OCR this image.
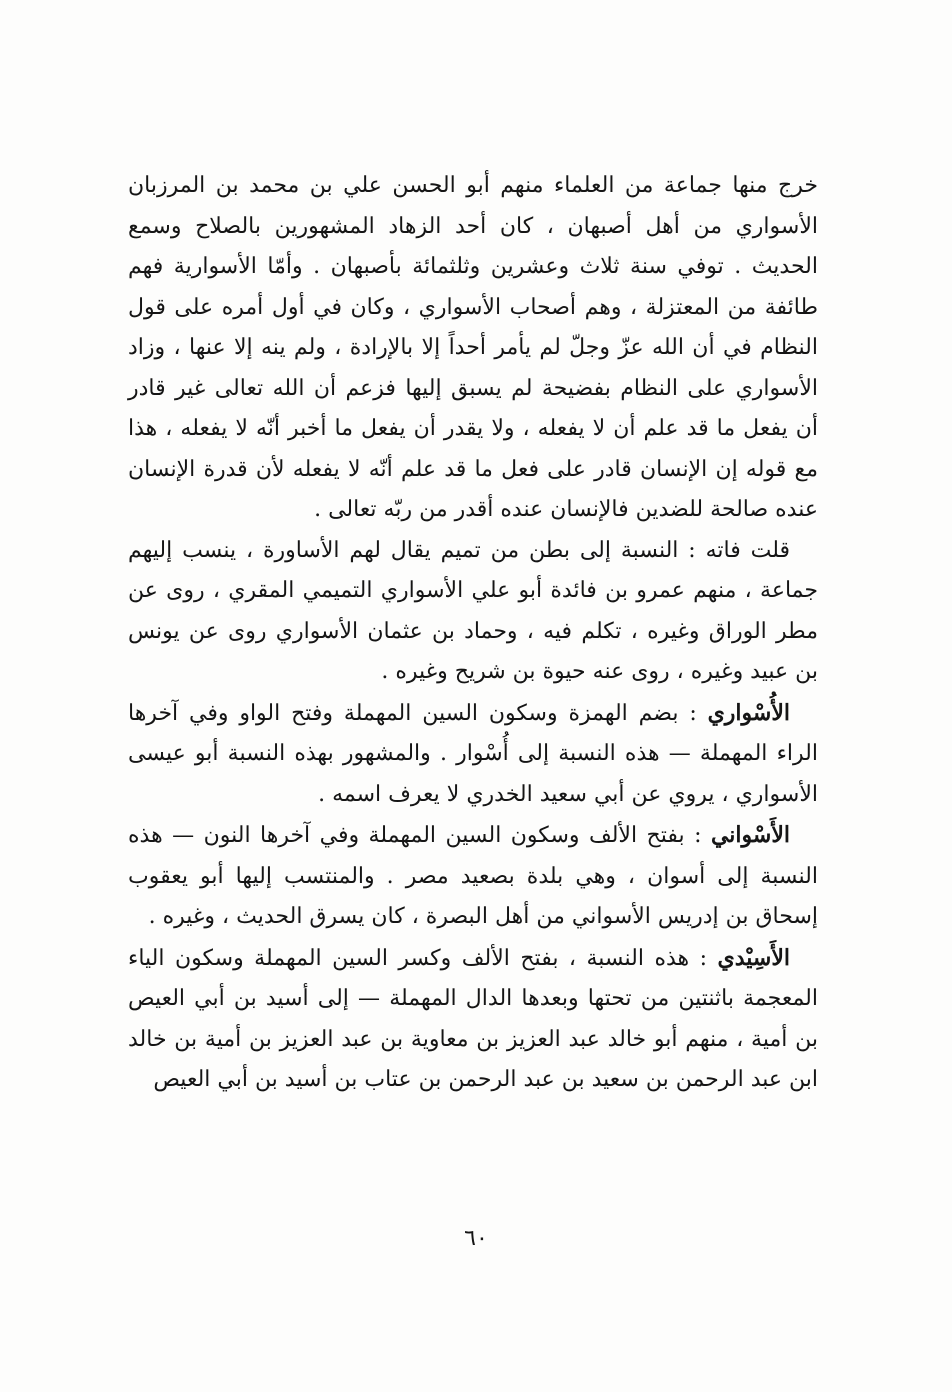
خرج منها جماعة من العلماء منهم أبو الحسن علي بن محمد بن المرزبان الأسواري من أهل أصبهان ، كان أحد الزهاد المشهورين بالصلاح وسمع الحديث . توفي سنة ثلاث وعشرين وثلثمائة بأصبهان . وأمّا الأسوارية فهم طائفة من المعتزلة ، وهم أصحاب الأسواري ، وكان في أول أمره على قول النظام في أن الله عزّ وجلّ لم يأمر أحداً إلا بالإرادة ، ولم ينه إلا عنها ، وزاد الأسواري على النظام بفضيحة لم يسبق إليها فزعم أن الله تعالى غير قادر أن يفعل ما قد علم أن لا يفعله ، ولا يقدر أن يفعل ما أخبر أنّه لا يفعله ، هذا مع قوله إن الإنسان قادر على فعل ما قد علم أنّه لا يفعله لأن قدرة الإنسان عنده صالحة للضدين فالإنسان عنده أقدر من ربّه تعالى .

قلت فاته : النسبة إلى بطن من تميم يقال لهم الأساورة ، ينسب إليهم جماعة ، منهم عمرو بن فائدة أبو علي الأسواري التميمي المقري ، روى عن مطر الوراق وغيره ، تكلم فيه ، وحماد بن عثمان الأسواري روى عن يونس بن عبيد وغيره ، روى عنه حيوة بن شريح وغيره .

الأُسْواري : بضم الهمزة وسكون السين المهملة وفتح الواو وفي آخرها الراء المهملة — هذه النسبة إلى أُسْوار . والمشهور بهذه النسبة أبو عيسى الأسواري ، يروي عن أبي سعيد الخدري لا يعرف اسمه .

الأَسْواني : بفتح الألف وسكون السين المهملة وفي آخرها النون — هذه النسبة إلى أسوان ، وهي بلدة بصعيد مصر . والمنتسب إليها أبو يعقوب إسحاق بن إدريس الأسواني من أهل البصرة ، كان يسرق الحديث ، وغيره .

الأَسِيْدي : هذه النسبة ، بفتح الألف وكسر السين المهملة وسكون الياء المعجمة باثنتين من تحتها وبعدها الدال المهملة — إلى أسيد بن أبي العيص بن أمية ، منهم أبو خالد عبد العزيز بن معاوية بن عبد العزيز بن أمية بن خالد ابن عبد الرحمن بن سعيد بن عبد الرحمن بن عتاب بن أسيد بن أبي العيص

٦٠
